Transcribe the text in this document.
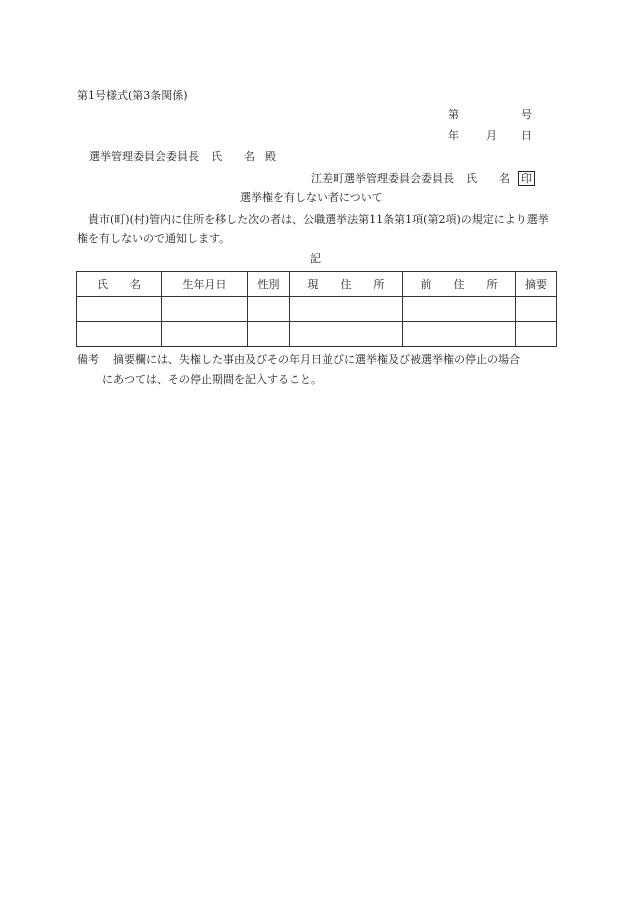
第1号様式(第3条関係)
第	号
年 月 日
選挙管理委員会委員長 氏 名 殿
江差町選挙管理委員会委員長 氏 名 印
選挙権を有しない者について
貴市(町)(村)管内に住所を移した次の者は、公職選挙法第11条第1項(第2項)の規定により選挙権を有しないので通知します。
記
氏　　名	生年月日	性別	現　　住　　所	前　　住　　所	摘要

備考 摘要欄には、失権した事由及びその年月日並びに選挙権及び被選挙権の停止の場合
にあつては、その停止期間を記入すること。
